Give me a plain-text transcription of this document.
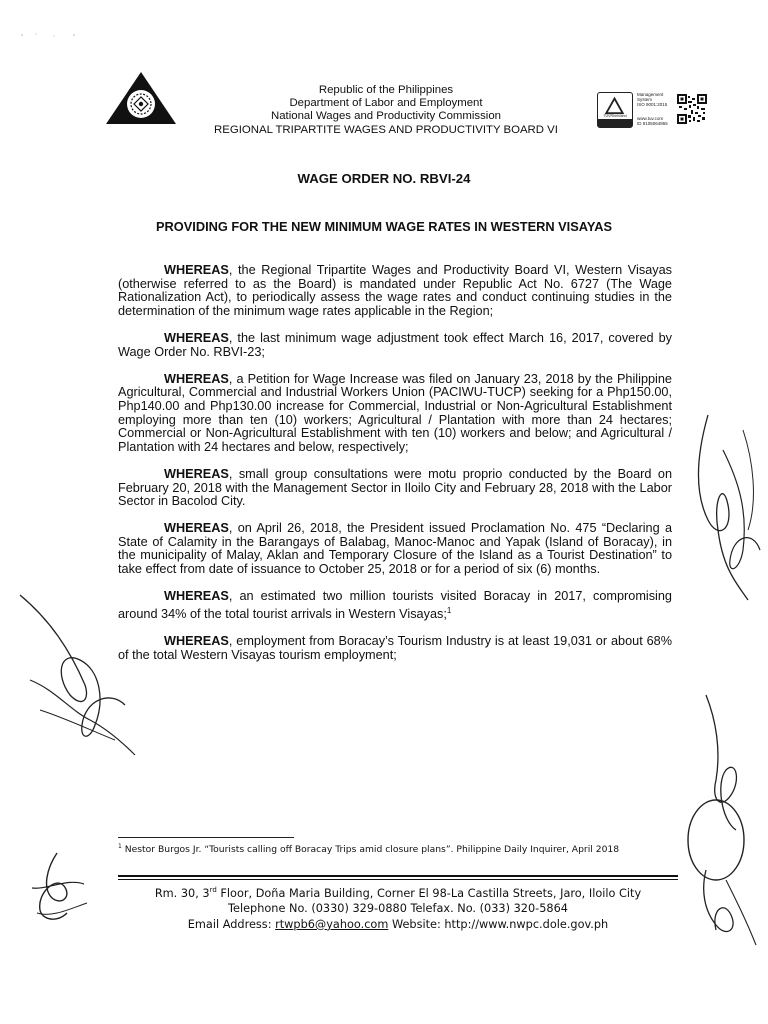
Republic of the Philippines
Department of Labor and Employment
National Wages and Productivity Commission
REGIONAL TRIPARTITE WAGES AND PRODUCTIVITY BOARD VI
TÜVRheinland
Management
System
ISO 9001:2015
www.tuv.com
ID 9105064865
WAGE ORDER NO. RBVI-24
PROVIDING FOR THE NEW MINIMUM WAGE RATES IN WESTERN VISAYAS

WHEREAS, the Regional Tripartite Wages and Productivity Board VI, Western Visayas (otherwise referred to as the Board) is mandated under Republic Act No. 6727 (The Wage Rationalization Act), to periodically assess the wage rates and conduct continuing studies in the determination of the minimum wage rates applicable in the Region;

WHEREAS, the last minimum wage adjustment took effect March 16, 2017, covered by Wage Order No. RBVI-23;

WHEREAS, a Petition for Wage Increase was filed on January 23, 2018 by the Philippine Agricultural, Commercial and Industrial Workers Union (PACIWU-TUCP) seeking for a Php150.00, Php140.00 and Php130.00 increase for Commercial, Industrial or Non-Agricultural Establishment employing more than ten (10) workers; Agricultural / Plantation with more than 24 hectares; Commercial or Non-Agricultural Establishment with ten (10) workers and below; and Agricultural / Plantation with 24 hectares and below, respectively;

WHEREAS, small group consultations were motu proprio conducted by the Board on February 20, 2018 with the Management Sector in Iloilo City and February 28, 2018 with the Labor Sector in Bacolod City.

WHEREAS, on April 26, 2018, the President issued Proclamation No. 475 “Declaring a State of Calamity in the Barangays of Balabag, Manoc-Manoc and Yapak (Island of Boracay), in the municipality of Malay, Aklan and Temporary Closure of the Island as a Tourist Destination” to take effect from date of issuance to October 25, 2018 or for a period of six (6) months.

WHEREAS, an estimated two million tourists visited Boracay in 2017, compromising around 34% of the total tourist arrivals in Western Visayas;$^1$

WHEREAS, employment from Boracay’s Tourism Industry is at least 19,031 or about 68% of the total Western Visayas tourism employment;

$^1$ Nestor Burgos Jr. “Tourists calling off Boracay Trips amid closure plans”. Philippine Daily Inquirer, April 2018
Rm. 30, 3rd Floor, Doña Maria Building, Corner El 98-La Castilla Streets, Jaro, Iloilo City
Telephone No. (0330) 329-0880 Telefax. No. (033) 320-5864
Email Address: rtwpb6@yahoo.com Website: http://www.nwpc.dole.gov.ph
